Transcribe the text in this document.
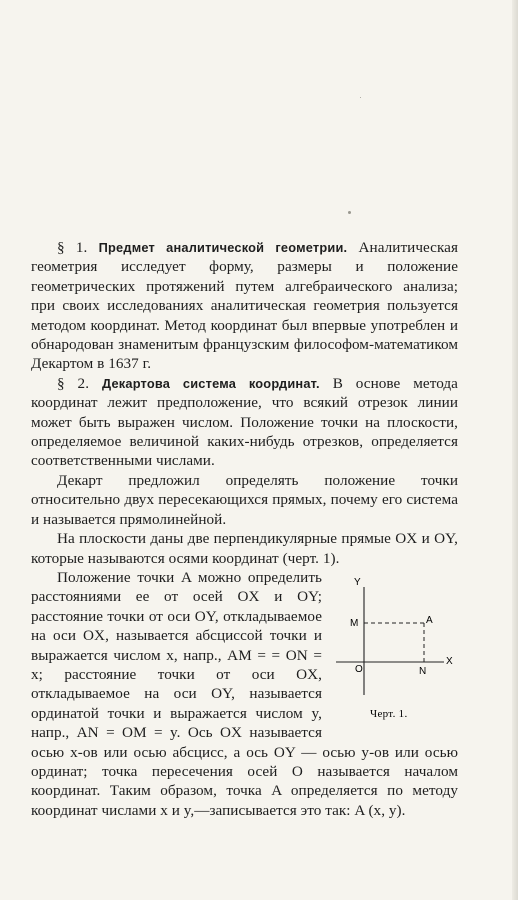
§ 1. Предмет аналитической геометрии. Аналитическая геометрия исследует форму, размеры и положение геометрических протяжений путем алгебраического анализа; при своих исследованиях аналитическая геометрия пользуется методом координат. Метод координат был впервые употреблен и обнародован знаменитым французским философом-математиком Декартом в 1637 г.

§ 2. Декартова система координат. В основе метода координат лежит предположение, что всякий отрезок линии может быть выражен числом. Положение точки на плоскости, определяемое величиной каких-нибудь отрезков, определяется соответственными числами.

Декарт предложил определять положение точки относительно двух пересекающихся прямых, почему его система и называется прямолинейной.

На плоскости даны две перпендикулярные прямые OX и OY, которые называются осями координат (черт. 1).

Y
M	A
X
O	N
Черт. 1.
Положение точки A можно определить расстояниями ее от осей OX и OY; расстояние точки от оси OY, откладываемое на оси OX, называется абсциссой точки и выражается числом x, напр., AM = = ON = x; расстояние точки от оси OX, откладываемое на оси OY, называется ординатой точки и выражается числом y, напр., AN = OM = y. Ось OX называется осью x-ов или осью абсцисс, а ось OY — осью y-ов или осью ординат; точка пересечения осей O называется началом координат. Таким образом, точка A определяется по методу координат числами x и y,—записывается это так: A (x, y).
